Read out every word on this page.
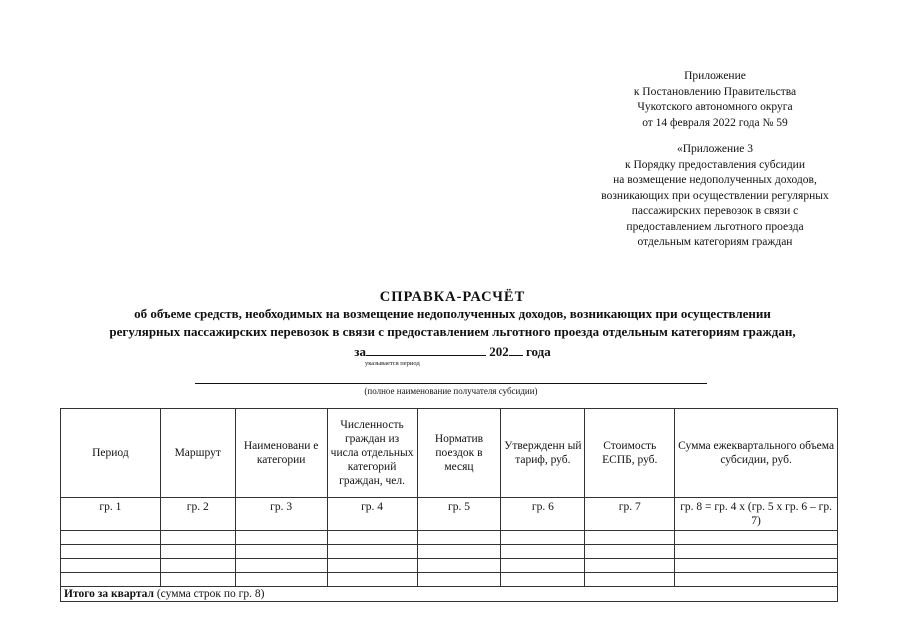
Приложение
к Постановлению Правительства
Чукотского автономного округа
от 14 февраля 2022 года № 59
«Приложение 3
к Порядку предоставления субсидии
на возмещение недополученных доходов,
возникающих при осуществлении регулярных
пассажирских перевозок в связи с
предоставлением льготного проезда
отдельным категориям граждан
СПРАВКА-РАСЧЁТ
об объеме средств, необходимых на возмещение недополученных доходов, возникающих при осуществлении
регулярных пассажирских перевозок в связи с предоставлением льготного проезда отдельным категориям граждан,
за	202 года
указывается период
(полное наименование получателя субсидии)
Период	Маршрут	Наименовани е категории	Численность граждан из числа отдельных категорий граждан, чел.	Норматив поездок в месяц	Утвержденн ый тариф, руб.	Стоимость ЕСПБ, руб.	Сумма ежеквартального объема субсидии, руб.
гр. 1	гр. 2	гр. 3	гр. 4	гр. 5	гр. 6	гр. 7	гр. 8 = гр. 4 x (гр. 5 x гр. 6 – гр. 7)

Итого за квартал (сумма строк по гр. 8)							
